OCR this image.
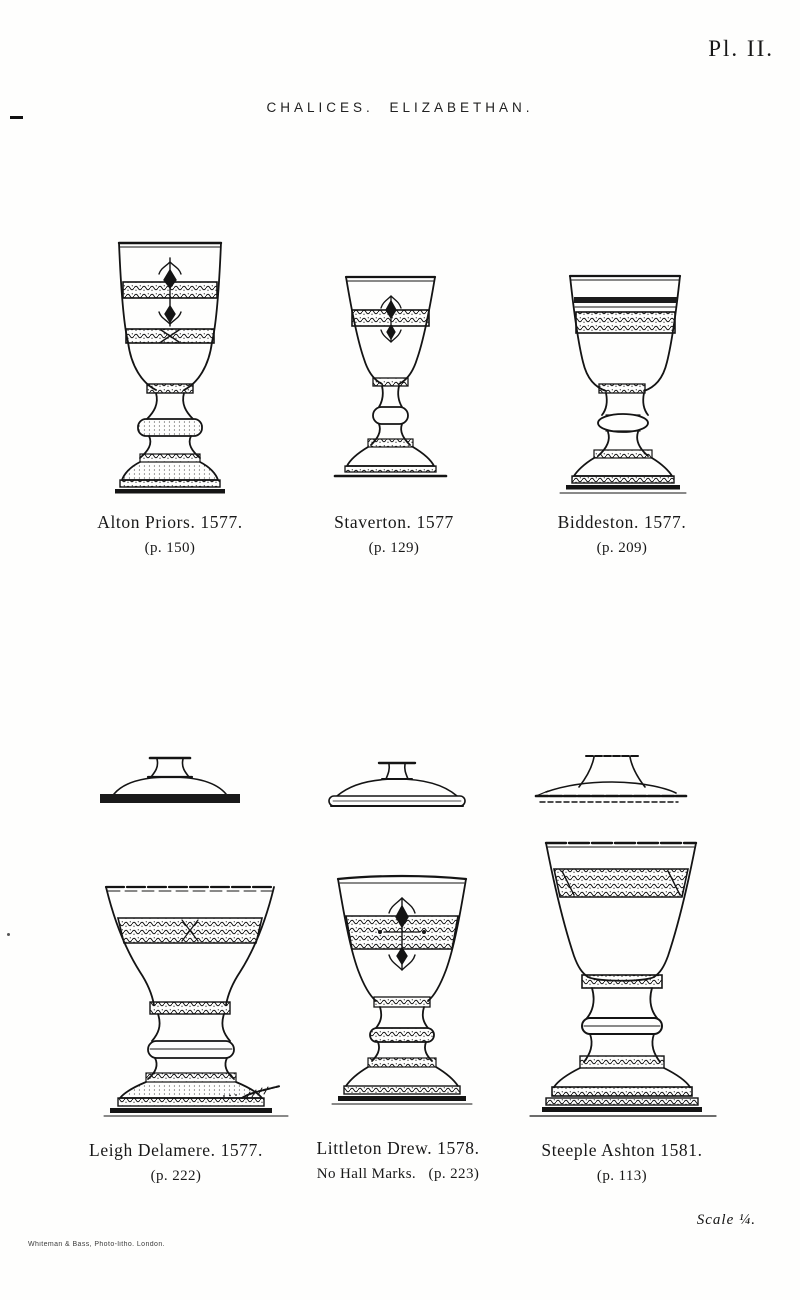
Pl. II.
CHALICES. ELIZABETHAN.
Alton Priors. 1577.
(p. 150)
Staverton. 1577
(p. 129)
Biddeston. 1577.
(p. 209)
Leigh Delamere. 1577.
(p. 222)
Littleton Drew. 1578.
No Hall Marks. (p. 223)
Steeple Ashton 1581.
(p. 113)
Scale ¼.
Whiteman & Bass, Photo-litho. London.
